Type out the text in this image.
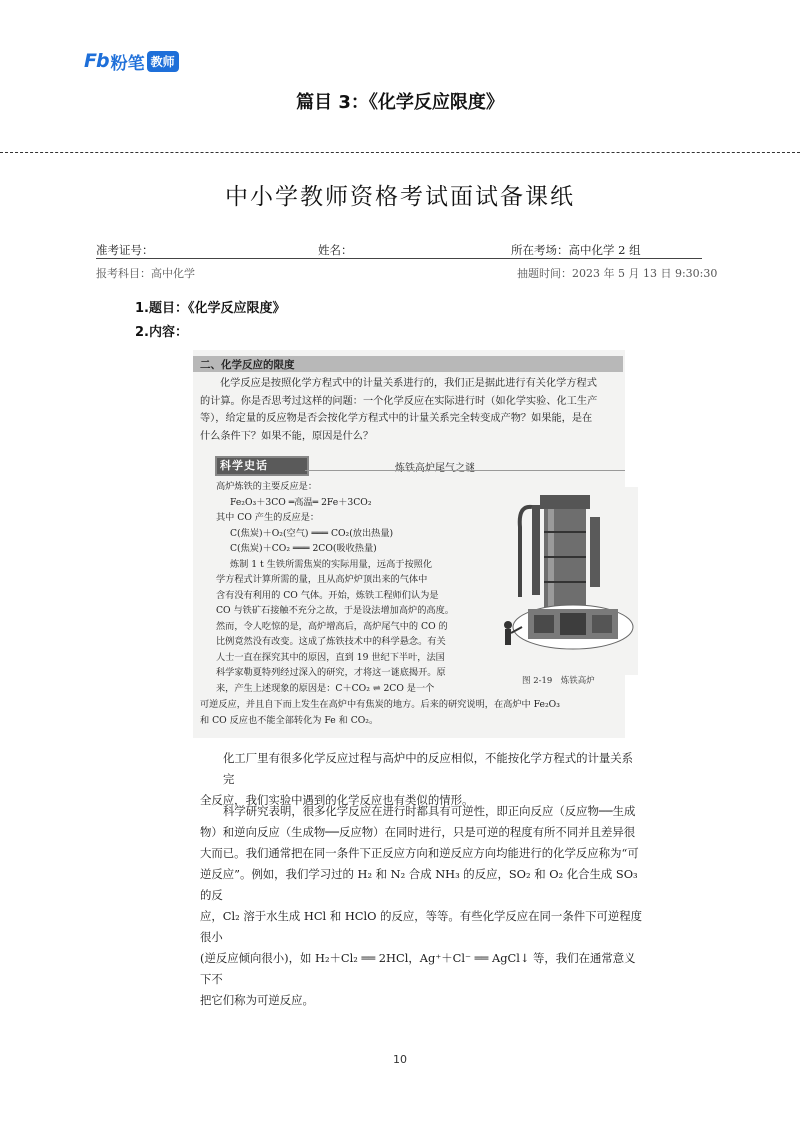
Fb 粉笔 教师
篇目 3：《化学反应限度》
中小学教师资格考试面试备课纸
准考证号：	姓名：	所在考场：高中化学 2 组
报考科目：高中化学	抽题时间：2023 年 5 月 13 日 9:30:30
1.题目：《化学反应限度》
2.内容：
二、化学反应的限度
化学反应是按照化学方程式中的计量关系进行的，我们正是据此进行有关化学方程式
的计算。你是否思考过这样的问题：一个化学反应在实际进行时（如化学实验、化工生产
等），给定量的反应物是否会按化学方程式中的计量关系完全转变成产物？如果能，是在
什么条件下？如果不能，原因是什么？
科学史话	炼铁高炉尾气之谜
高炉炼铁的主要反应是：
Fe₂O₃＋3CO ═高温═ 2Fe＋3CO₂
其中 CO 产生的反应是：
C(焦炭)＋O₂(空气) ═══ CO₂(放出热量)
C(焦炭)＋CO₂ ═══ 2CO(吸收热量)
炼制 1 t 生铁所需焦炭的实际用量，远高于按照化
学方程式计算所需的量，且从高炉炉顶出来的气体中
含有没有利用的 CO 气体。开始，炼铁工程师们认为是
CO 与铁矿石接触不充分之故，于是设法增加高炉的高度。
然而，令人吃惊的是，高炉增高后，高炉尾气中的 CO 的
比例竟然没有改变。这成了炼铁技术中的科学悬念。有关
人士一直在探究其中的原因，直到 19 世纪下半叶，法国
科学家勒夏特列经过深入的研究，才将这一谜底揭开。原
来，产生上述现象的原因是：C＋CO₂ ⇌ 2CO 是一个
可逆反应，并且自下而上发生在高炉中有焦炭的地方。后来的研究说明，在高炉中 Fe₂O₃
和 CO 反应也不能全部转化为 Fe 和 CO₂。
图 2-19　炼铁高炉
化工厂里有很多化学反应过程与高炉中的反应相似，不能按化学方程式的计量关系完
全反应，我们实验中遇到的化学反应也有类似的情形。
科学研究表明，很多化学反应在进行时都具有可逆性，即正向反应（反应物──生成
物）和逆向反应（生成物──反应物）在同时进行，只是可逆的程度有所不同并且差异很
大而已。我们通常把在同一条件下正反应方向和逆反应方向均能进行的化学反应称为“可
逆反应”。例如，我们学习过的 H₂ 和 N₂ 合成 NH₃ 的反应，SO₂ 和 O₂ 化合生成 SO₃ 的反
应，Cl₂ 溶于水生成 HCl 和 HClO 的反应，等等。有些化学反应在同一条件下可逆程度很小
(逆反应倾向很小)，如 H₂＋Cl₂ ══ 2HCl，Ag⁺＋Cl⁻ ══ AgCl↓ 等，我们在通常意义下不
把它们称为可逆反应。
10
